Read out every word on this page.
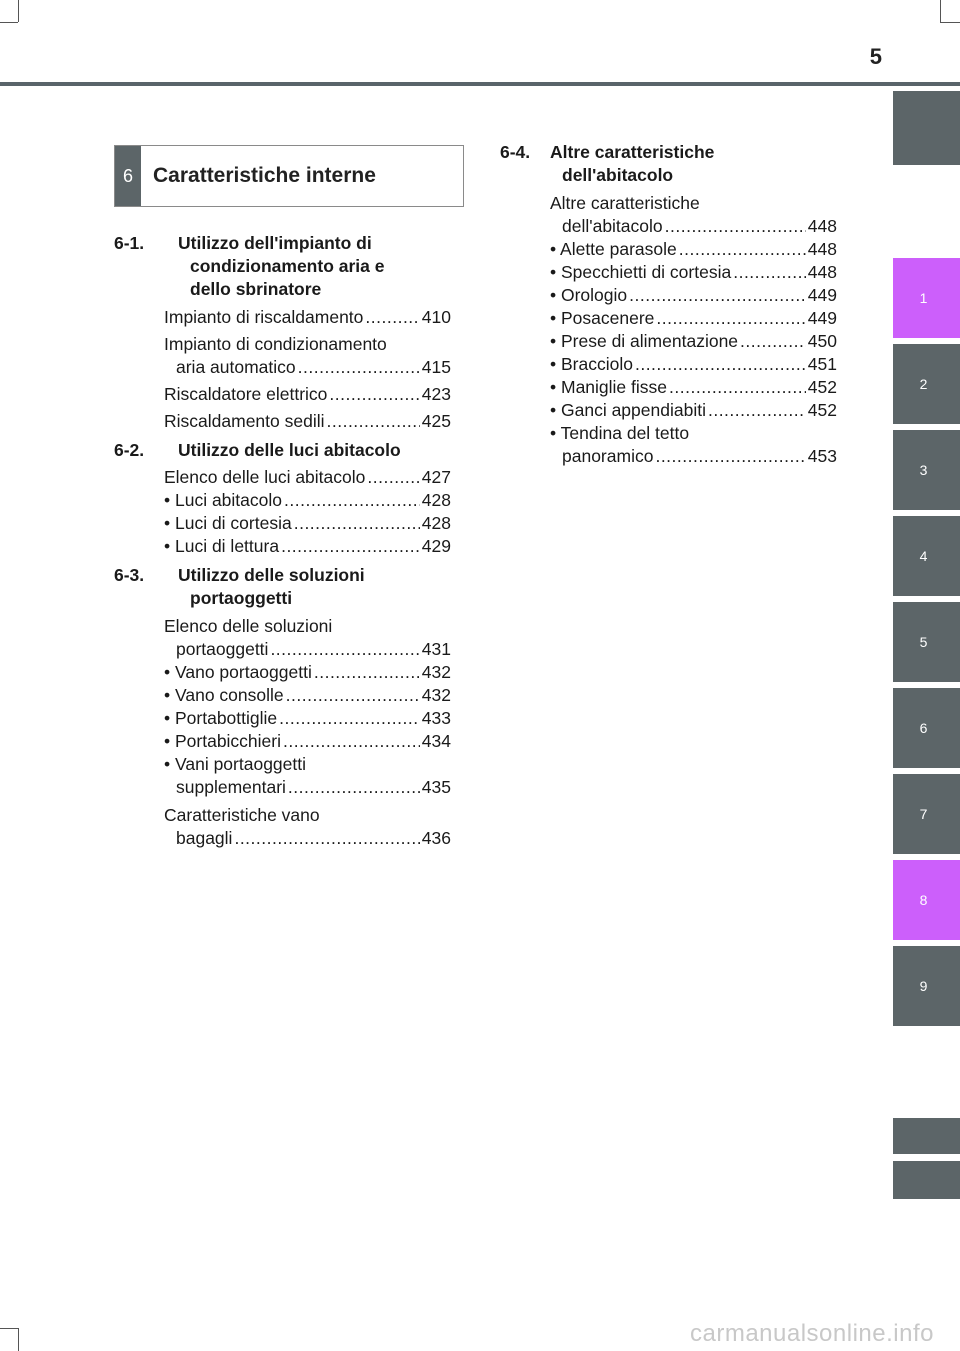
5
1
2
3
4
5
6
7
8
9
6 Caratteristiche interne
6-1.	Utilizzo dell'impianto di
condizionamento aria e
dello sbrinatore
Impianto di riscaldamento .....	410
Impianto di condizionamento
aria automatico .....	415
Riscaldatore elettrico .....	423
Riscaldamento sedili .....	425
6-2.	Utilizzo delle luci abitacolo
Elenco delle luci abitacolo .....	427
• Luci abitacolo .....	428
• Luci di cortesia .....	428
• Luci di lettura .....	429
6-3.	Utilizzo delle soluzioni
portaoggetti
Elenco delle soluzioni
portaoggetti .....	431
• Vano portaoggetti .....	432
• Vano consolle .....	432
• Portabottiglie .....	433
• Portabicchieri .....	434
• Vani portaoggetti
supplementari .....	435
Caratteristiche vano
bagagli .....	436
6-4.	Altre caratteristiche
dell'abitacolo
Altre caratteristiche
dell'abitacolo .....	448
• Alette parasole .....	448
• Specchietti di cortesia .....	448
• Orologio .....	449
• Posacenere .....	449
• Prese di alimentazione .....	450
• Bracciolo .....	451
• Maniglie fisse .....	452
• Ganci appendiabiti .....	452
• Tendina del tetto
panoramico .....	453
carmanualsonline.info
